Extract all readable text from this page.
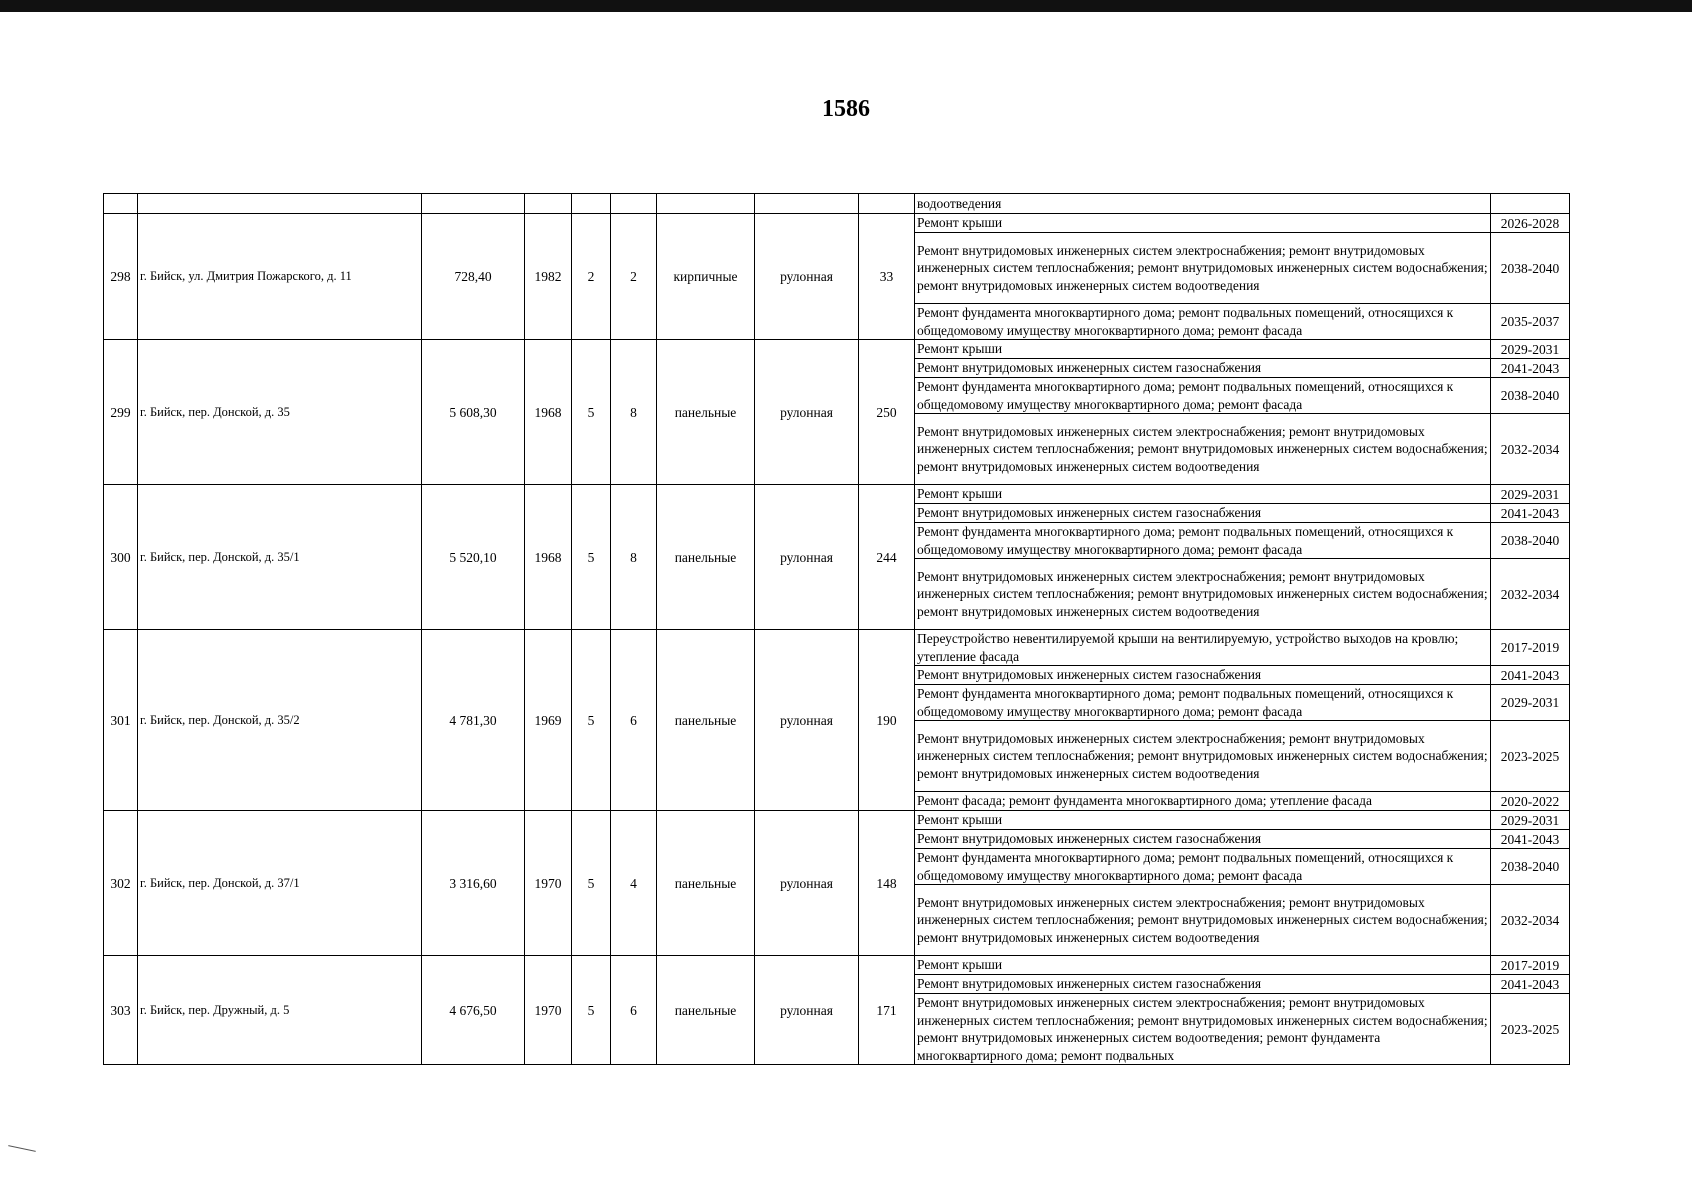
1586
									водоотведения	
298	г. Бийск, ул. Дмитрия Пожарского, д. 11	728,40	1982	2	2	кирпичные	рулонная	33	Ремонт крыши	2026-2028
									Ремонт внутридомовых инженерных систем электроснабжения; ремонт внутридомовых инженерных систем теплоснабжения; ремонт внутридомовых инженерных систем водоснабжения; ремонт внутридомовых инженерных систем водоотведения	2038-2040
									Ремонт фундамента многоквартирного дома; ремонт подвальных помещений, относящихся к общедомовому имуществу многоквартирного дома; ремонт фасада	2035-2037
299	г. Бийск, пер. Донской, д. 35	5 608,30	1968	5	8	панельные	рулонная	250	Ремонт крыши	2029-2031
									Ремонт внутридомовых инженерных систем газоснабжения	2041-2043
									Ремонт фундамента многоквартирного дома; ремонт подвальных помещений, относящихся к общедомовому имуществу многоквартирного дома; ремонт фасада	2038-2040
									Ремонт внутридомовых инженерных систем электроснабжения; ремонт внутридомовых инженерных систем теплоснабжения; ремонт внутридомовых инженерных систем водоснабжения; ремонт внутридомовых инженерных систем водоотведения	2032-2034
300	г. Бийск, пер. Донской, д. 35/1	5 520,10	1968	5	8	панельные	рулонная	244	Ремонт крыши	2029-2031
									Ремонт внутридомовых инженерных систем газоснабжения	2041-2043
									Ремонт фундамента многоквартирного дома; ремонт подвальных помещений, относящихся к общедомовому имуществу многоквартирного дома; ремонт фасада	2038-2040
									Ремонт внутридомовых инженерных систем электроснабжения; ремонт внутридомовых инженерных систем теплоснабжения; ремонт внутридомовых инженерных систем водоснабжения; ремонт внутридомовых инженерных систем водоотведения	2032-2034
301	г. Бийск, пер. Донской, д. 35/2	4 781,30	1969	5	6	панельные	рулонная	190	Переустройство невентилируемой крыши на вентилируемую, устройство выходов на кровлю; утепление фасада	2017-2019
									Ремонт внутридомовых инженерных систем газоснабжения	2041-2043
									Ремонт фундамента многоквартирного дома; ремонт подвальных помещений, относящихся к общедомовому имуществу многоквартирного дома; ремонт фасада	2029-2031
									Ремонт внутридомовых инженерных систем электроснабжения; ремонт внутридомовых инженерных систем теплоснабжения; ремонт внутридомовых инженерных систем водоснабжения; ремонт внутридомовых инженерных систем водоотведения	2023-2025
									Ремонт фасада; ремонт фундамента многоквартирного дома; утепление фасада	2020-2022
302	г. Бийск, пер. Донской, д. 37/1	3 316,60	1970	5	4	панельные	рулонная	148	Ремонт крыши	2029-2031
									Ремонт внутридомовых инженерных систем газоснабжения	2041-2043
									Ремонт фундамента многоквартирного дома; ремонт подвальных помещений, относящихся к общедомовому имуществу многоквартирного дома; ремонт фасада	2038-2040
									Ремонт внутридомовых инженерных систем электроснабжения; ремонт внутридомовых инженерных систем теплоснабжения; ремонт внутридомовых инженерных систем водоснабжения; ремонт внутридомовых инженерных систем водоотведения	2032-2034
303	г. Бийск, пер. Дружный, д. 5	4 676,50	1970	5	6	панельные	рулонная	171	Ремонт крыши	2017-2019
									Ремонт внутридомовых инженерных систем газоснабжения	2041-2043
									Ремонт внутридомовых инженерных систем электроснабжения; ремонт внутридомовых инженерных систем теплоснабжения; ремонт внутридомовых инженерных систем водоснабжения; ремонт внутридомовых инженерных систем водоотведения; ремонт фундамента многоквартирного дома; ремонт подвальных	2023-2025
